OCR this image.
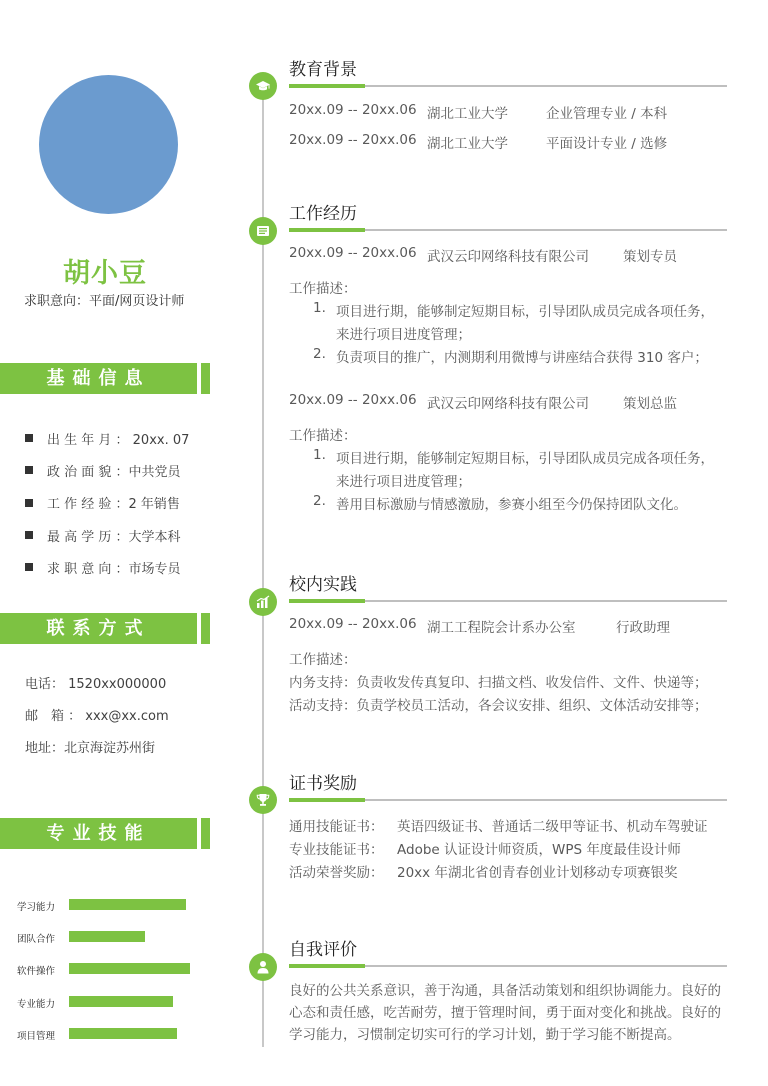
胡小豆
求职意向：平面/网页设计师
基础信息
出 生 年 月 ： 20xx. 07
政 治 面 貌 ：中共党员
工 作 经 验 ：2 年销售
最 高 学 历 ：大学本科
求 职 意 向 ：市场专员
联系方式
电话： 1520xx000000
邮　箱 ： xxx@xx.com
地址：北京海淀苏州街
专业技能
学习能力
团队合作
软件操作
专业能力
项目管理
教育背景
20xx.09 -- 20xx.06 湖北工业大学	企业管理专业 / 本科
20xx.09 -- 20xx.06 湖北工业大学	平面设计专业 / 选修
工作经历
20xx.09 -- 20xx.06 武汉云印网络科技有限公司	策划专员
工作描述：
1. 项目进行期，能够制定短期目标，引导团队成员完成各项任务，
来进行项目进度管理；
2. 负责项目的推广，内测期利用微博与讲座结合获得 310 客户；
20xx.09 -- 20xx.06 武汉云印网络科技有限公司	策划总监
工作描述：
1. 项目进行期，能够制定短期目标，引导团队成员完成各项任务，
来进行项目进度管理；
2. 善用目标激励与情感激励，参赛小组至今仍保持团队文化。
校内实践
20xx.09 -- 20xx.06 湖工工程院会计系办公室	行政助理
工作描述：
内务支持：负责收发传真复印、扫描文档、收发信件、文件、快递等；
活动支持：负责学校员工活动，各会议安排、组织、文体活动安排等；
证书奖励
通用技能证书： 英语四级证书、普通话二级甲等证书、机动车驾驶证
专业技能证书： Adobe 认证设计师资质，WPS 年度最佳设计师
活动荣誉奖励： 20xx 年湖北省创青春创业计划移动专项赛银奖
自我评价
良好的公共关系意识，善于沟通，具备活动策划和组织协调能力。良好的心态和责任感，吃苦耐劳，擅于管理时间，勇于面对变化和挑战。良好的学习能力，习惯制定切实可行的学习计划，勤于学习能不断提高。
